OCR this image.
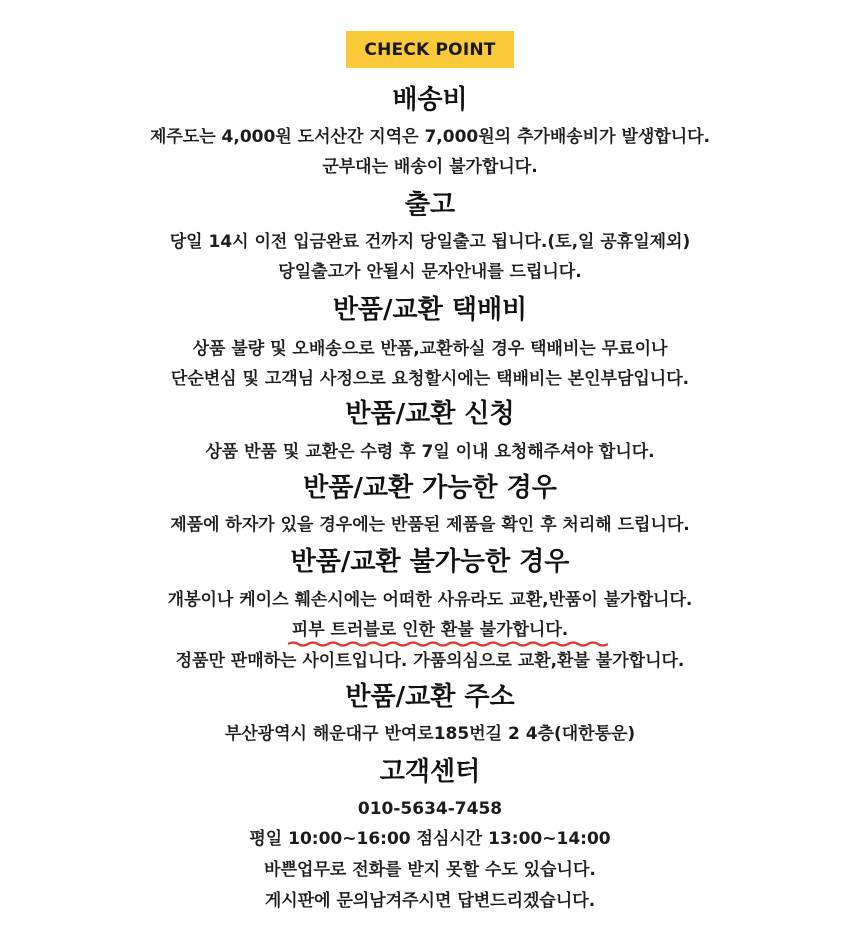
CHECK POINT
배송비
제주도는 4,000원 도서산간 지역은 7,000원의 추가배송비가 발생합니다.
군부대는 배송이 불가합니다.
출고
당일 14시 이전 입금완료 건까지 당일출고 됩니다.(토,일 공휴일제외)
당일출고가 안될시 문자안내를 드립니다.
반품/교환 택배비
상품 불량 및 오배송으로 반품,교환하실 경우 택배비는 무료이나
단순변심 및 고객님 사정으로 요청할시에는 택배비는 본인부담입니다.
반품/교환 신청
상품 반품 및 교환은 수령 후 7일 이내 요청해주셔야 합니다.
반품/교환 가능한 경우
제품에 하자가 있을 경우에는 반품된 제품을 확인 후 처리해 드립니다.
반품/교환 불가능한 경우
개봉이나 케이스 훼손시에는 어떠한 사유라도 교환,반품이 불가합니다.
피부 트러블로 인한 환불 불가합니다.
정품만 판매하는 사이트입니다. 가품의심으로 교환,환불 불가합니다.
반품/교환 주소
부산광역시 해운대구 반여로185번길 2 4층(대한통운)
고객센터
010-5634-7458
평일 10:00~16:00 점심시간 13:00~14:00
바쁜업무로 전화를 받지 못할 수도 있습니다.
게시판에 문의남겨주시면 답변드리겠습니다.
